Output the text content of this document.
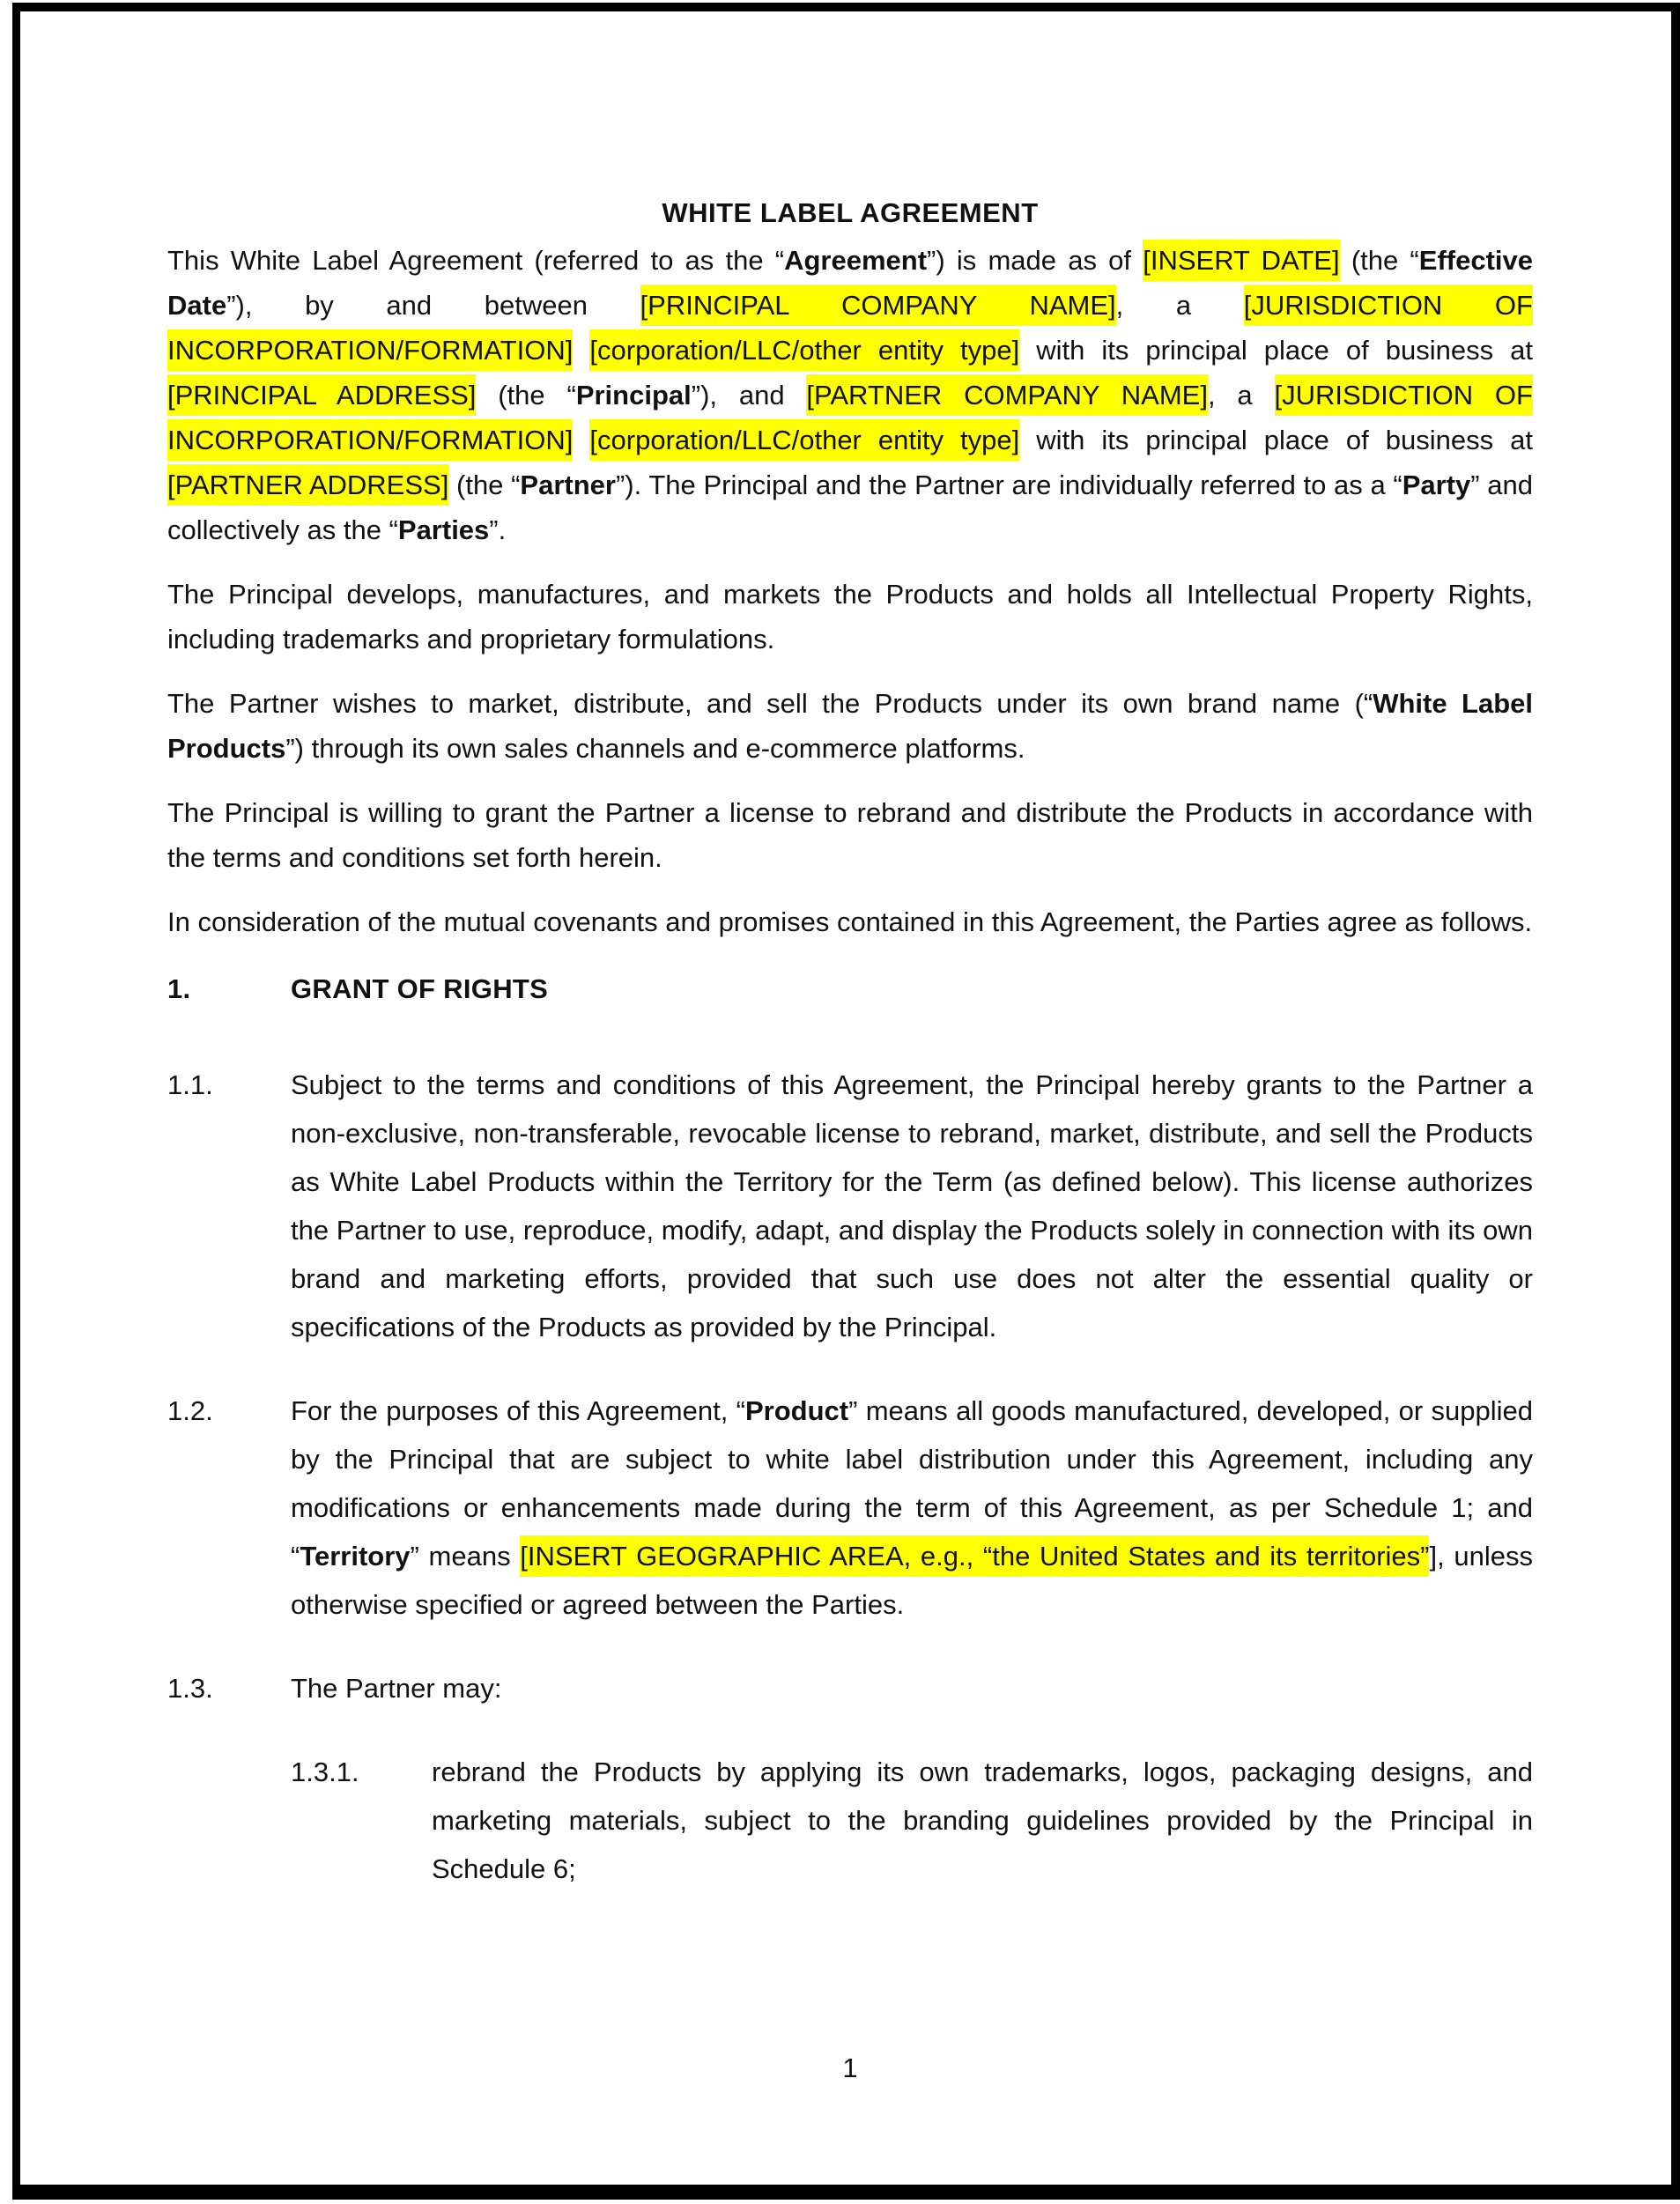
WHITE LABEL AGREEMENT

This White Label Agreement (referred to as the “Agreement”) is made as of [INSERT DATE] (the “Effective Date”), by and between [PRINCIPAL COMPANY NAME], a [JURISDICTION OF INCORPORATION/FORMATION] [corporation/LLC/other entity type] with its principal place of business at [PRINCIPAL ADDRESS] (the “Principal”), and [PARTNER COMPANY NAME], a [JURISDICTION OF INCORPORATION/FORMATION] [corporation/LLC/other entity type] with its principal place of business at [PARTNER ADDRESS] (the “Partner”). The Principal and the Partner are individually referred to as a “Party” and collectively as the “Parties”.

The Principal develops, manufactures, and markets the Products and holds all Intellectual Property Rights, including trademarks and proprietary formulations.

The Partner wishes to market, distribute, and sell the Products under its own brand name (“White Label Products”) through its own sales channels and e-commerce platforms.

The Principal is willing to grant the Partner a license to rebrand and distribute the Products in accordance with the terms and conditions set forth herein.

In consideration of the mutual covenants and promises contained in this Agreement, the Parties agree as follows.

1.	GRANT OF RIGHTS
1.1.	Subject to the terms and conditions of this Agreement, the Principal hereby grants to the Partner a non-exclusive, non-transferable, revocable license to rebrand, market, distribute, and sell the Products as White Label Products within the Territory for the Term (as defined below). This license authorizes the Partner to use, reproduce, modify, adapt, and display the Products solely in connection with its own brand and marketing efforts, provided that such use does not alter the essential quality or specifications of the Products as provided by the Principal.
1.2.	For the purposes of this Agreement, “Product” means all goods manufactured, developed, or supplied by the Principal that are subject to white label distribution under this Agreement, including any modifications or enhancements made during the term of this Agreement, as per Schedule 1; and “Territory” means [INSERT GEOGRAPHIC AREA, e.g., “the United States and its territories”], unless otherwise specified or agreed between the Parties.
1.3.	The Partner may:
1.3.1.	rebrand the Products by applying its own trademarks, logos, packaging designs, and marketing materials, subject to the branding guidelines provided by the Principal in Schedule 6;
1
